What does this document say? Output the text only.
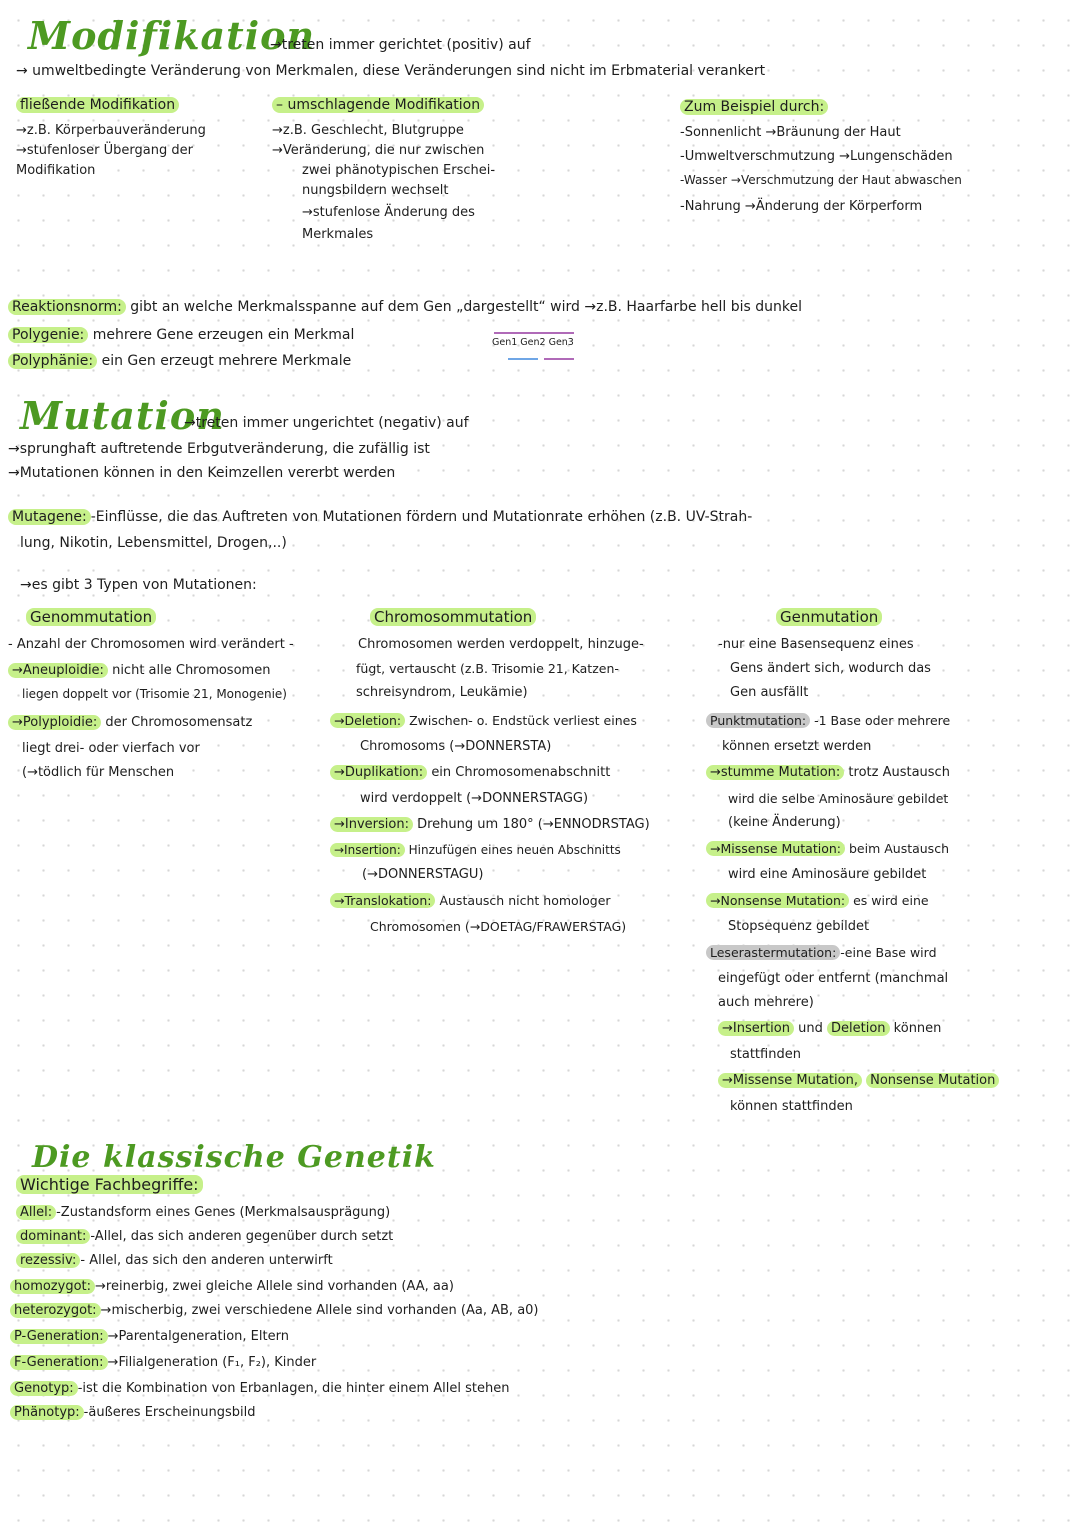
Modifikation
→treten immer gerichtet (positiv) auf
→ umweltbedingte Veränderung von Merkmalen, diese Veränderungen sind nicht im Erbmaterial verankert
fließende Modifikation
→z.B. Körperbauveränderung
→stufenloser Übergang der
Modifikation
– umschlagende Modifikation
→z.B. Geschlecht, Blutgruppe
→Veränderung, die nur zwischen
zwei phänotypischen Erschei-
nungsbildern wechselt
→stufenlose Änderung des
Merkmales
Zum Beispiel durch:
-Sonnenlicht →Bräunung der Haut
-Umweltverschmutzung →Lungenschäden
-Wasser →Verschmutzung der Haut abwaschen
-Nahrung →Änderung der Körperform
Reaktionsnorm: gibt an welche Merkmalsspanne auf dem Gen „dargestellt“ wird →z.B. Haarfarbe hell bis dunkel
Polygenie: mehrere Gene erzeugen ein Merkmal
Polyphänie: ein Gen erzeugt mehrere Merkmale
Gen1 Gen2 Gen3
Mutation
→treten immer ungerichtet (negativ) auf
→sprunghaft auftretende Erbgutveränderung, die zufällig ist
→Mutationen können in den Keimzellen vererbt werden
Mutagene: -Einflüsse, die das Auftreten von Mutationen fördern und Mutationrate erhöhen (z.B. UV-Strah-
lung, Nikotin, Lebensmittel, Drogen,..)
→es gibt 3 Typen von Mutationen:
Genommutation
- Anzahl der Chromosomen wird verändert -
→Aneuploidie: nicht alle Chromosomen
liegen doppelt vor (Trisomie 21, Monogenie)
→Polyploidie: der Chromosomensatz
liegt drei- oder vierfach vor
(→tödlich für Menschen
Chromosommutation
Chromosomen werden verdoppelt, hinzuge-
fügt, vertauscht (z.B. Trisomie 21, Katzen-
schreisyndrom, Leukämie)
→Deletion: Zwischen- o. Endstück verliest eines
Chromosoms (→DONNERSTA)
→Duplikation: ein Chromosomenabschnitt
wird verdoppelt (→DONNERSTAGG)
→Inversion: Drehung um 180° (→ENNODRSTAG)
→Insertion: Hinzufügen eines neuen Abschnitts
(→DONNERSTAGU)
→Translokation: Austausch nicht homologer
Chromosomen (→DOETAG/FRAWERSTAG)
Genmutation
-nur eine Basensequenz eines
Gens ändert sich, wodurch das
Gen ausfällt
Punktmutation: -1 Base oder mehrere
können ersetzt werden
→stumme Mutation: trotz Austausch
wird die selbe Aminosäure gebildet
(keine Änderung)
→Missense Mutation: beim Austausch
wird eine Aminosäure gebildet
→Nonsense Mutation: es wird eine
Stopsequenz gebildet
Leserastermutation: -eine Base wird
eingefügt oder entfernt (manchmal
auch mehrere)
→Insertion und Deletion können
stattfinden
→Missense Mutation, Nonsense Mutation
können stattfinden
Die klassische Genetik
Wichtige Fachbegriffe:
Allel: -Zustandsform eines Genes (Merkmalsausprägung)
dominant: -Allel, das sich anderen gegenüber durch setzt
rezessiv: - Allel, das sich den anderen unterwirft
homozygot: →reinerbig, zwei gleiche Allele sind vorhanden (AA, aa)
heterozygot: →mischerbig, zwei verschiedene Allele sind vorhanden (Aa, AB, a0)
P-Generation: →Parentalgeneration, Eltern
F-Generation: →Filialgeneration (F₁, F₂), Kinder
Genotyp: -ist die Kombination von Erbanlagen, die hinter einem Allel stehen
Phänotyp: -äußeres Erscheinungsbild
